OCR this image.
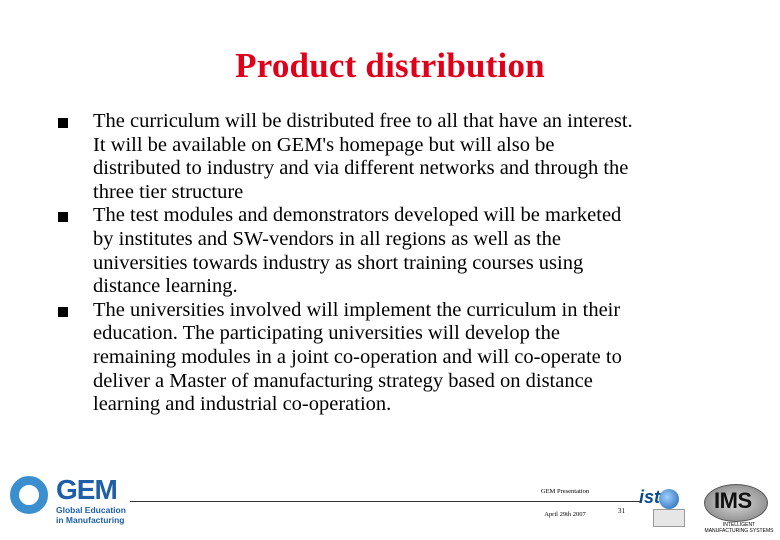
Product distribution
The curriculum will be distributed free to all that have an interest.
It will be available on GEM's homepage but will also be
distributed to industry and via different networks and through the
three tier structure
The test modules and demonstrators developed will be marketed
by institutes and SW-vendors in all regions as well as the
universities towards industry as short training courses using
distance learning.
The universities involved will implement the curriculum in their
education. The participating universities will develop the
remaining modules in a joint co-operation and will co-operate to
deliver a Master of manufacturing strategy based on distance
learning and industrial co-operation.
GEM
Global Education
in Manufacturing
GEM Presentation
April 29th 2007	31
ist IMS
INTELLIGENT
MANUFACTURING SYSTEMS
